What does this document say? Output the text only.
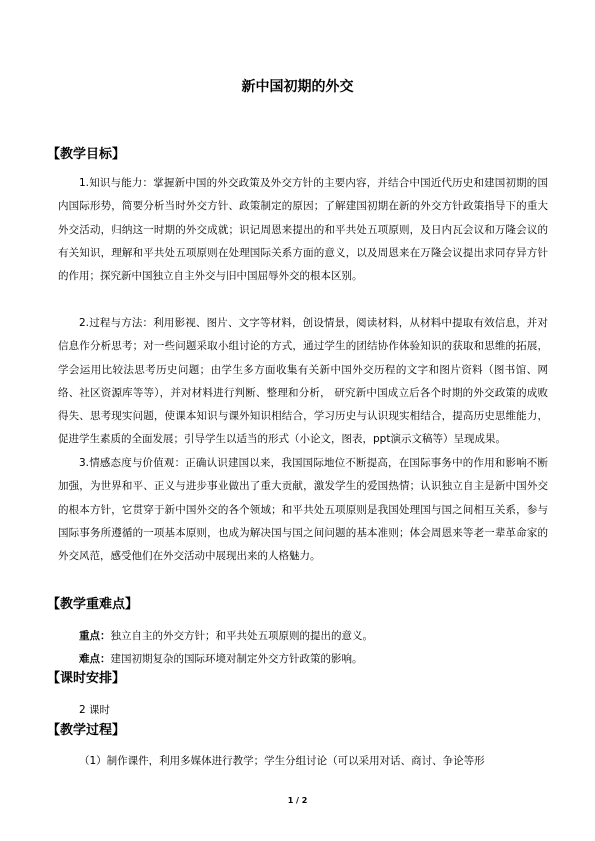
新中国初期的外交
【教学目标】

1.知识与能力：掌握新中国的外交政策及外交方针的主要内容，并结合中国近代历史和建国初期的国内国际形势，简要分析当时外交方针、政策制定的原因；了解建国初期在新的外交方针政策指导下的重大外交活动，归纳这一时期的外交成就；识记周恩来提出的和平共处五项原则，及日内瓦会议和万隆会议的有关知识，理解和平共处五项原则在处理国际关系方面的意义，以及周恩来在万隆会议提出求同存异方针的作用；探究新中国独立自主外交与旧中国屈辱外交的根本区别。

2.过程与方法：利用影视、图片、文字等材料，创设情景，阅读材料，从材料中提取有效信息，并对信息作分析思考；对一些问题采取小组讨论的方式，通过学生的团结协作体验知识的获取和思维的拓展，学会运用比较法思考历史问题；由学生多方面收集有关新中国外交历程的文字和图片资料（图书馆、网络、社区资源库等等），并对材料进行判断、整理和分析， 研究新中国成立后各个时期的外交政策的成败得失、思考现实问题，使课本知识与课外知识相结合，学习历史与认识现实相结合，提高历史思维能力，促进学生素质的全面发展；引导学生以适当的形式（小论文，图表，ppt演示文稿等）呈现成果。

3.情感态度与价值观：正确认识建国以来，我国国际地位不断提高，在国际事务中的作用和影响不断加强，为世界和平、正义与进步事业做出了重大贡献，激发学生的爱国热情；认识独立自主是新中国外交的根本方针，它贯穿于新中国外交的各个领域；和平共处五项原则是我国处理国与国之间相互关系，参与国际事务所遵循的一项基本原则，也成为解决国与国之间问题的基本准则；体会周恩来等老一辈革命家的外交风范，感受他们在外交活动中展现出来的人格魅力。

【教学重难点】

重点：独立自主的外交方针；和平共处五项原则的提出的意义。

难点：建国初期复杂的国际环境对制定外交方针政策的影响。

【课时安排】

2 课时

【教学过程】

（1）制作课件，利用多媒体进行教学；学生分组讨论（可以采用对话、商讨、争论等形

1 / 2
